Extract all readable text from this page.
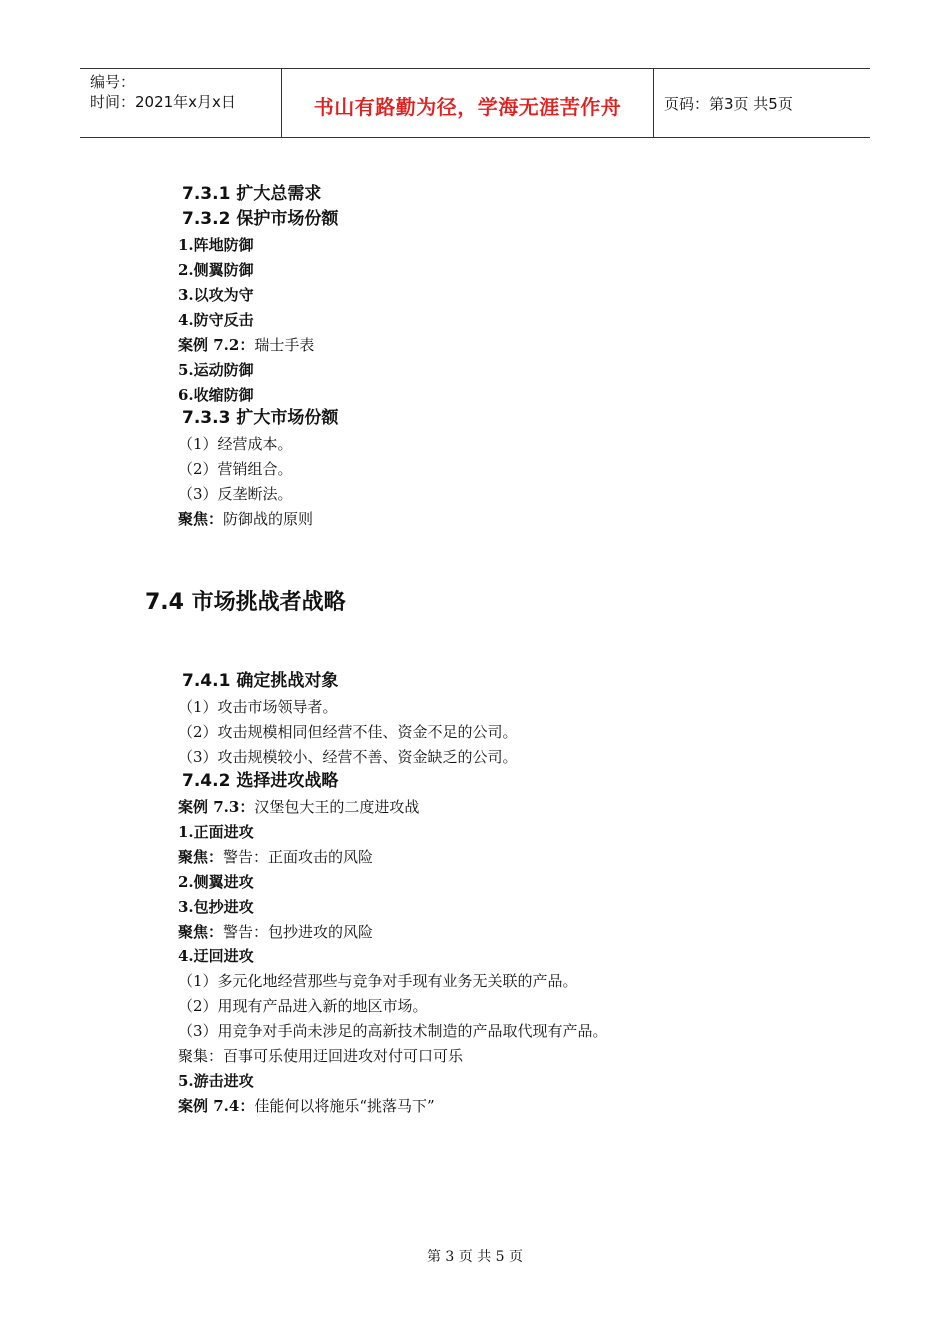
编号：
时间：2021年x月x日	书山有路勤为径，学海无涯苦作舟	页码：第3页 共5页
7.3.1 扩大总需求
7.3.2 保护市场份额
1.阵地防御
2.侧翼防御
3.以攻为守
4.防守反击
案例 7.2：瑞士手表
5.运动防御
6.收缩防御
7.3.3 扩大市场份额
（1）经营成本。
（2）营销组合。
（3）反垄断法。
聚焦：防御战的原则
7.4 市场挑战者战略
7.4.1 确定挑战对象
（1）攻击市场领导者。
（2）攻击规模相同但经营不佳、资金不足的公司。
（3）攻击规模较小、经营不善、资金缺乏的公司。
7.4.2 选择进攻战略
案例 7.3：汉堡包大王的二度进攻战
1.正面进攻
聚焦：警告：正面攻击的风险
2.侧翼进攻
3.包抄进攻
聚焦：警告：包抄进攻的风险
4.迂回进攻
（1）多元化地经营那些与竞争对手现有业务无关联的产品。
（2）用现有产品进入新的地区市场。
（3）用竞争对手尚未涉足的高新技术制造的产品取代现有产品。
聚集：百事可乐使用迂回进攻对付可口可乐
5.游击进攻
案例 7.4：佳能何以将施乐“挑落马下”
第 3 页 共 5 页
